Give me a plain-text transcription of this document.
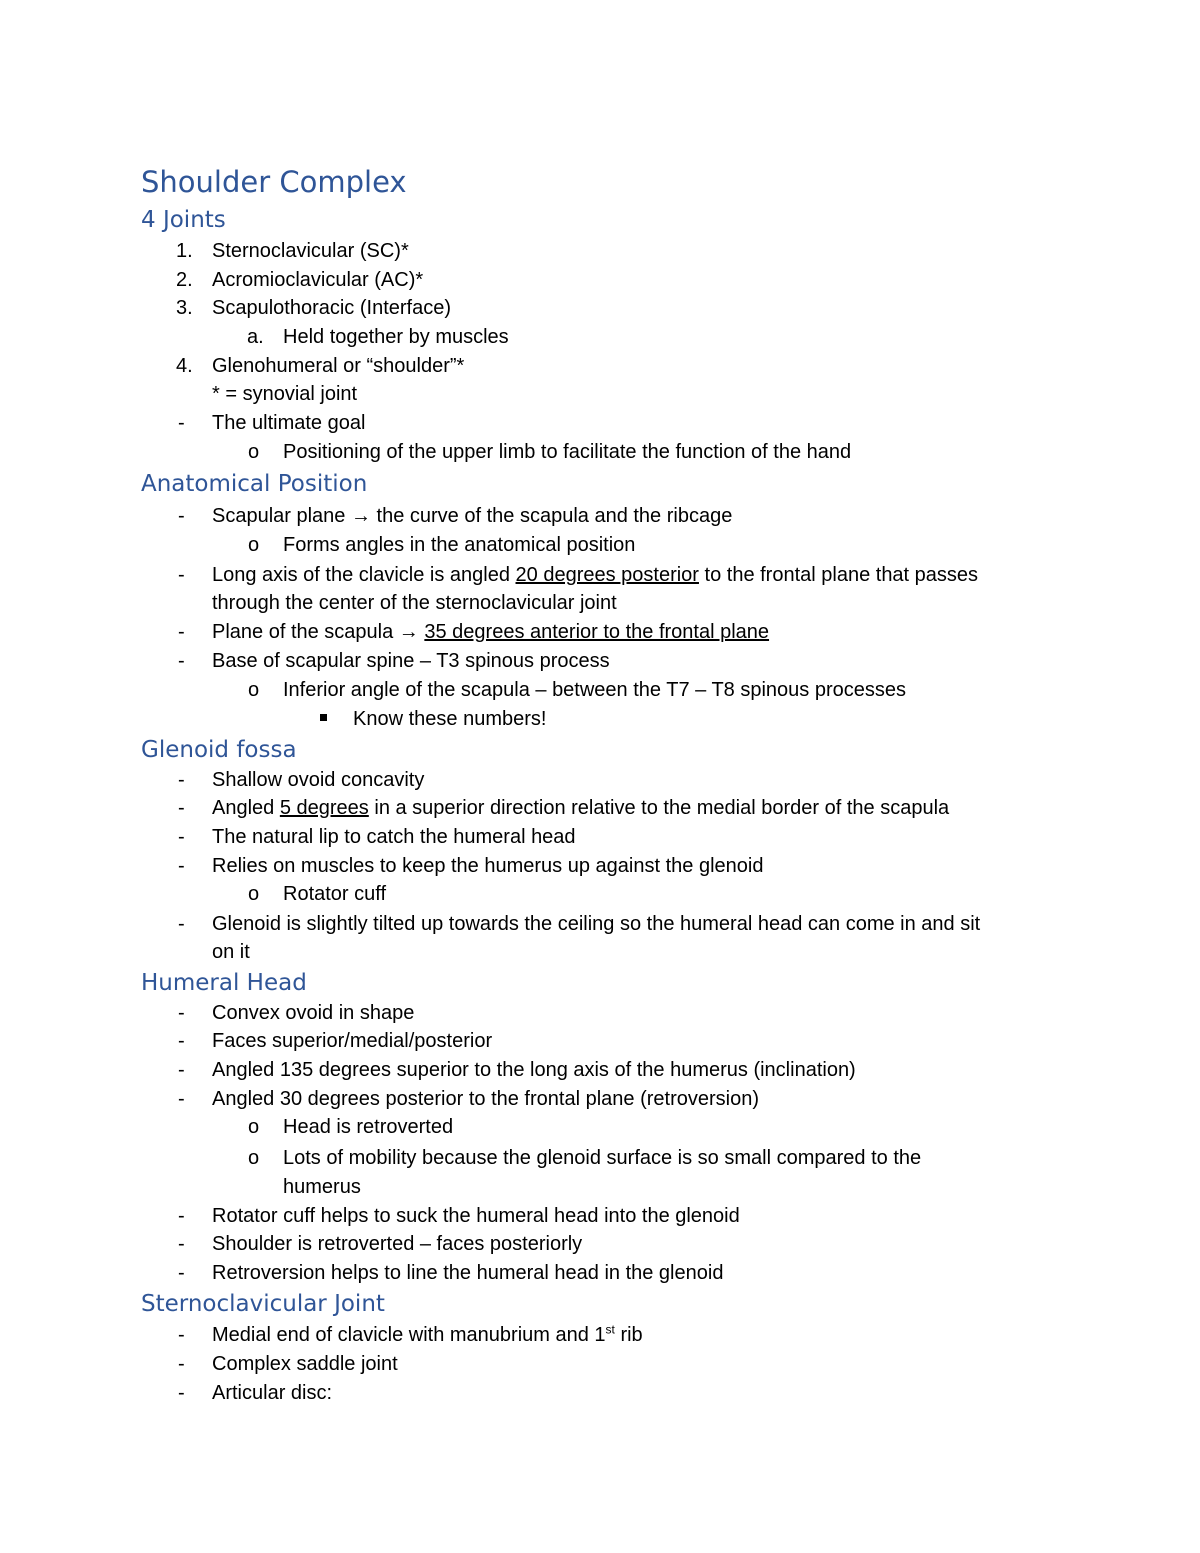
Shoulder Complex
4 Joints
1. Sternoclavicular (SC)*

2. Acromioclavicular (AC)*

3. Scapulothoracic (Interface)

a. Held together by muscles

4. Glenohumeral or “shoulder”*

* = synovial joint

- The ultimate goal

o Positioning of the upper limb to facilitate the function of the hand

Anatomical Position
- Scapular plane → the curve of the scapula and the ribcage

o Forms angles in the anatomical position

- Long axis of the clavicle is angled 20 degrees posterior to the frontal plane that passes

through the center of the sternoclavicular joint

- Plane of the scapula → 35 degrees anterior to the frontal plane

- Base of scapular spine – T3 spinous process

o Inferior angle of the scapula – between the T7 – T8 spinous processes

Know these numbers!

Glenoid fossa
- Shallow ovoid concavity

- Angled 5 degrees in a superior direction relative to the medial border of the scapula

- The natural lip to catch the humeral head

- Relies on muscles to keep the humerus up against the glenoid

o Rotator cuff

- Glenoid is slightly tilted up towards the ceiling so the humeral head can come in and sit

on it

Humeral Head
- Convex ovoid in shape

- Faces superior/medial/posterior

- Angled 135 degrees superior to the long axis of the humerus (inclination)

- Angled 30 degrees posterior to the frontal plane (retroversion)

o Head is retroverted

o Lots of mobility because the glenoid surface is so small compared to the

humerus

- Rotator cuff helps to suck the humeral head into the glenoid

- Shoulder is retroverted – faces posteriorly

- Retroversion helps to line the humeral head in the glenoid

Sternoclavicular Joint
- Medial end of clavicle with manubrium and 1st rib

- Complex saddle joint

- Articular disc:
